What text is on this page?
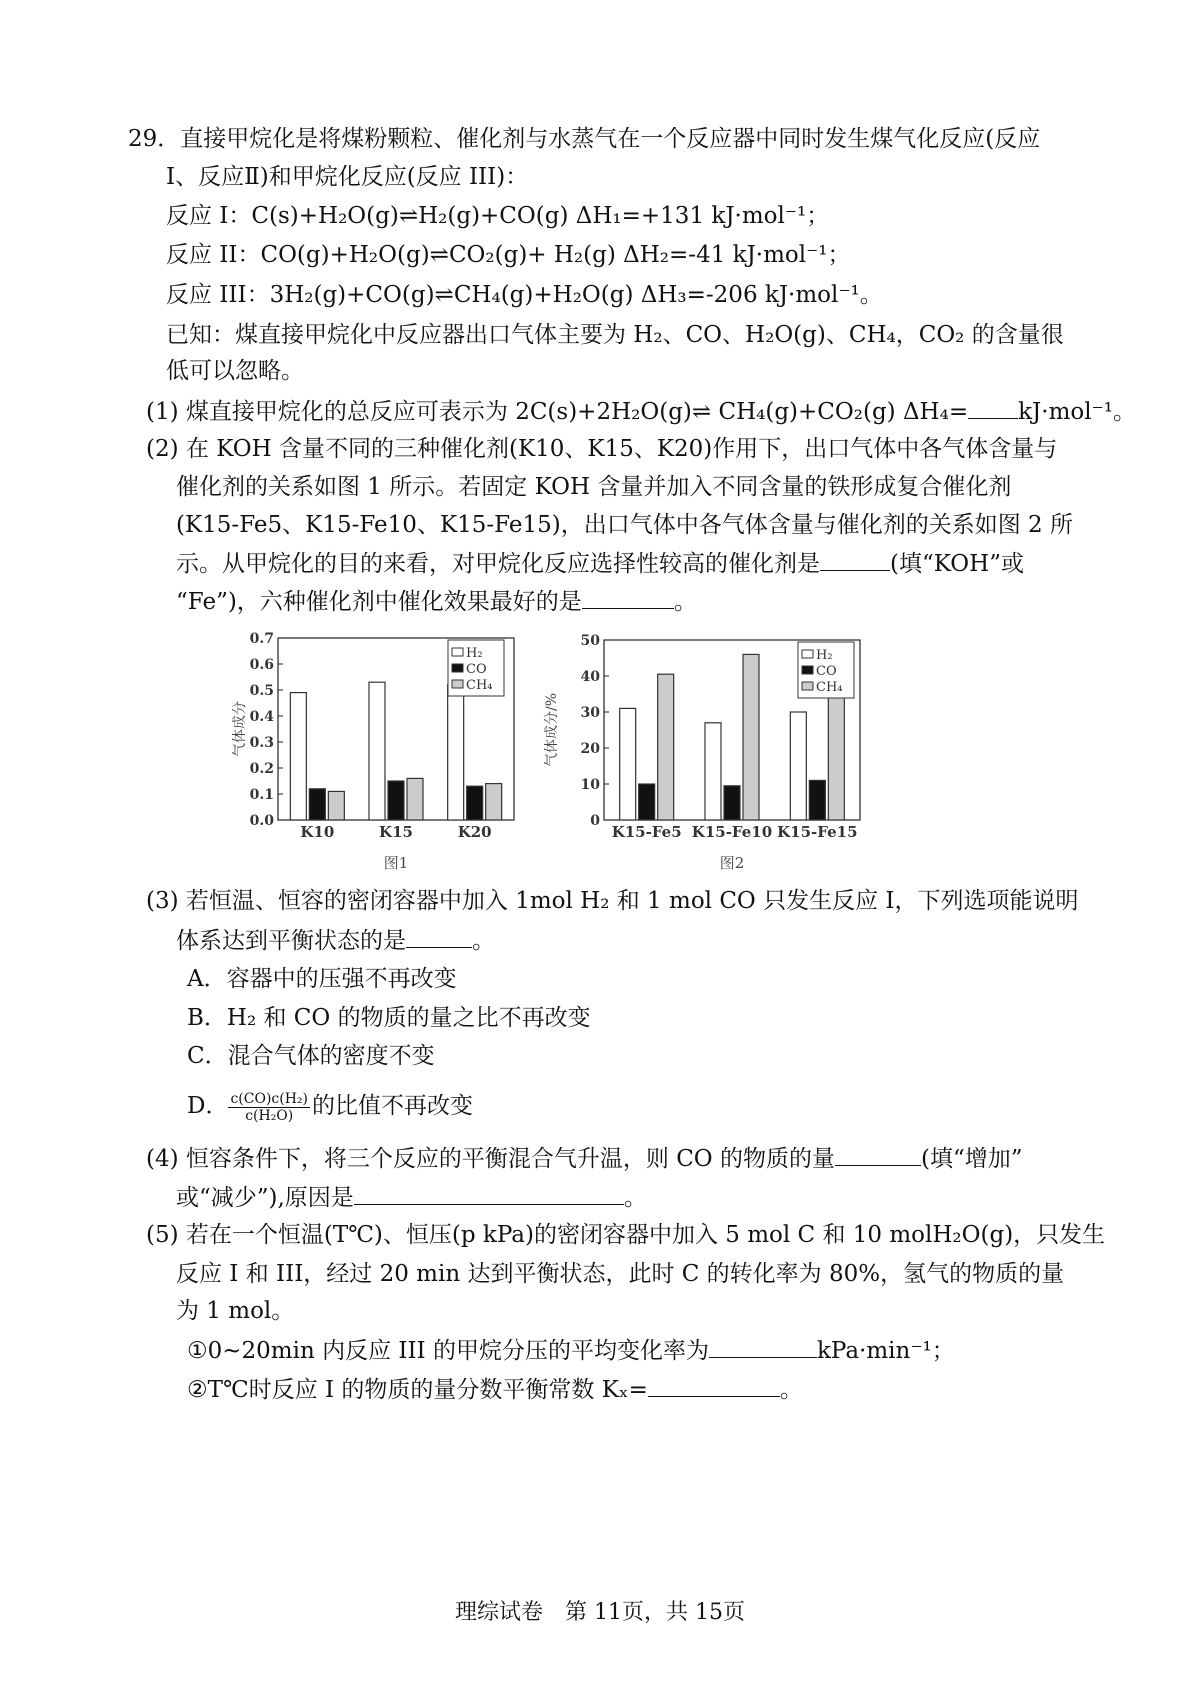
29．直接甲烷化是将煤粉颗粒、催化剂与水蒸气在一个反应器中同时发生煤气化反应(反应
Ⅰ、反应Ⅱ)和甲烷化反应(反应 III)：
反应 I：C(s)+H₂O(g)⇌H₂(g)+CO(g) ΔH₁=+131 kJ·mol⁻¹；
反应 II：CO(g)+H₂O(g)⇌CO₂(g)+ H₂(g) ΔH₂=-41 kJ·mol⁻¹；
反应 III：3H₂(g)+CO(g)⇌CH₄(g)+H₂O(g) ΔH₃=-206 kJ·mol⁻¹。
已知：煤直接甲烷化中反应器出口气体主要为 H₂、CO、H₂O(g)、CH₄，CO₂ 的含量很
低可以忽略。
(1) 煤直接甲烷化的总反应可表示为 2C(s)+2H₂O(g)⇌ CH₄(g)+CO₂(g) ΔH₄= kJ·mol⁻¹。
(2) 在 KOH 含量不同的三种催化剂(K10、K15、K20)作用下，出口气体中各气体含量与
催化剂的关系如图 1 所示。若固定 KOH 含量并加入不同含量的铁形成复合催化剂
(K15-Fe5、K15-Fe10、K15-Fe15)，出口气体中各气体含量与催化剂的关系如图 2 所
示。从甲烷化的目的来看，对甲烷化反应选择性较高的催化剂是	(填“KOH”或
“Fe”)，六种催化剂中催化效果最好的是	。
0.0
0.1
0.2
0.3
0.4
0.5
0.6
0.7
气体成分
K10	K15	K20
H₂
CO
CH₄
图1
0
10
20
30
40
50
气体成分/%
K15-Fe5 K15-Fe10 K15-Fe15
H₂
CO
CH₄
图2
(3) 若恒温、恒容的密闭容器中加入 1mol H₂ 和 1 mol CO 只发生反应 I，下列选项能说明
体系达到平衡状态的是	。
A．容器中的压强不再改变
B．H₂ 和 CO 的物质的量之比不再改变
C．混合气体的密度不变
D． $\frac{\text{c(CO)c(H₂)}}{\text{c(H₂O)}}$ 的比值不再改变
(4) 恒容条件下，将三个反应的平衡混合气升温，则 CO 的物质的量	(填“增加”
或“减少”),原因是	。
(5) 若在一个恒温(T℃)、恒压(p kPa)的密闭容器中加入 5 mol C 和 10 molH₂O(g)，只发生
反应 I 和 III，经过 20 min 达到平衡状态，此时 C 的转化率为 80%，氢气的物质的量
为 1 mol。
①0~20min 内反应 III 的甲烷分压的平均变化率为	kPa·min⁻¹；
②T℃时反应 I 的物质的量分数平衡常数 Kₓ=	。
理综试卷　第 11页，共 15页
